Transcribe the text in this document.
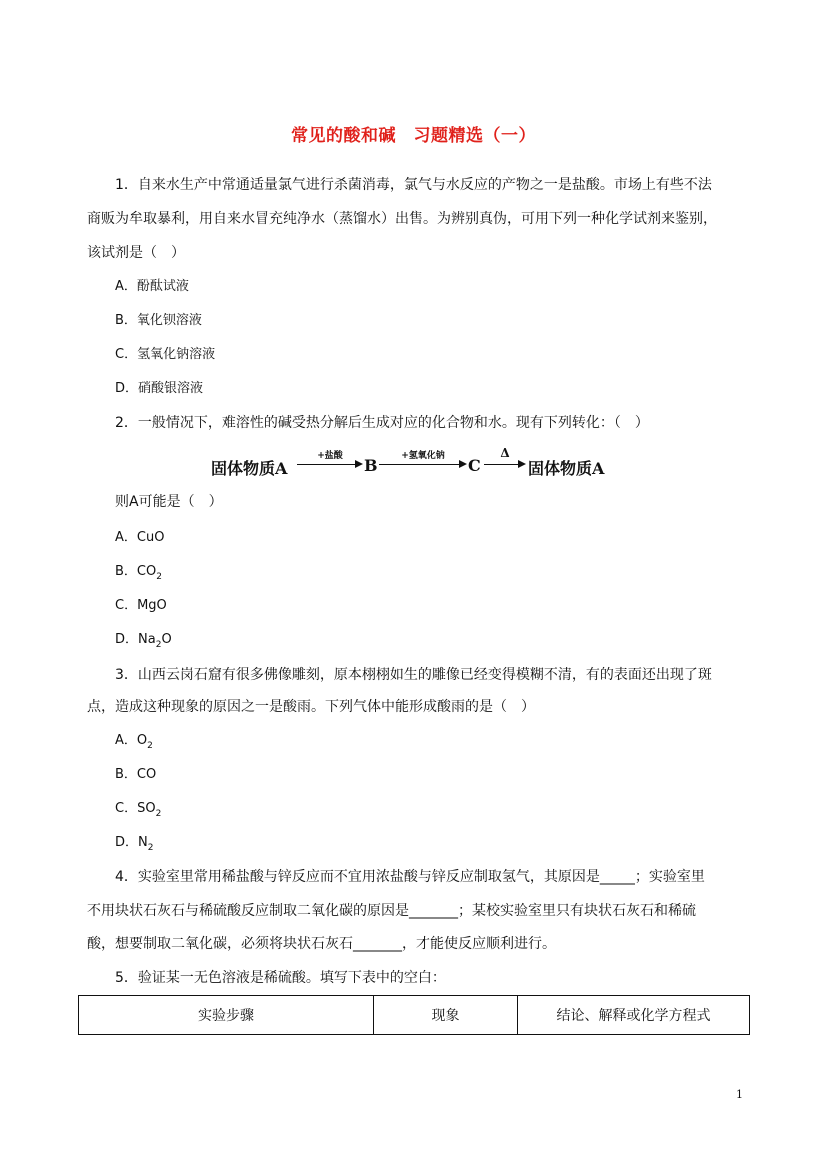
常见的酸和碱　习题精选（一）
1．自来水生产中常通适量氯气进行杀菌消毒，氯气与水反应的产物之一是盐酸。市场上有些不法
商贩为牟取暴利，用自来水冒充纯净水（蒸馏水）出售。为辨别真伪，可用下列一种化学试剂来鉴别，
该试剂是（　）
A．酚酞试液
B．氧化钡溶液
C．氢氧化钠溶液
D．硝酸银溶液
2．一般情况下，难溶性的碱受热分解后生成对应的化合物和水。现有下列转化：（　）
固体物质A
+盐酸	B	+氢氧化钠	C
Δ
固体物质A
则A可能是（　）
A．CuO
B．$CO_2$
C．MgO
D．$Na_2O$
3．山西云岗石窟有很多佛像雕刻，原本栩栩如生的雕像已经变得模糊不清，有的表面还出现了斑
点，造成这种现象的原因之一是酸雨。下列气体中能形成酸雨的是（　）
A．$O_2$
B．CO
C．$SO_2$
D．$N_2$
4．实验室里常用稀盐酸与锌反应而不宜用浓盐酸与锌反应制取氢气，其原因是_____；实验室里
不用块状石灰石与稀硫酸反应制取二氧化碳的原因是_______；某校实验室里只有块状石灰石和稀硫
酸，想要制取二氧化碳，必须将块状石灰石_______，才能使反应顺利进行。
5．验证某一无色溶液是稀硫酸。填写下表中的空白：
实验步骤	现象	结论、解释或化学方程式
1
